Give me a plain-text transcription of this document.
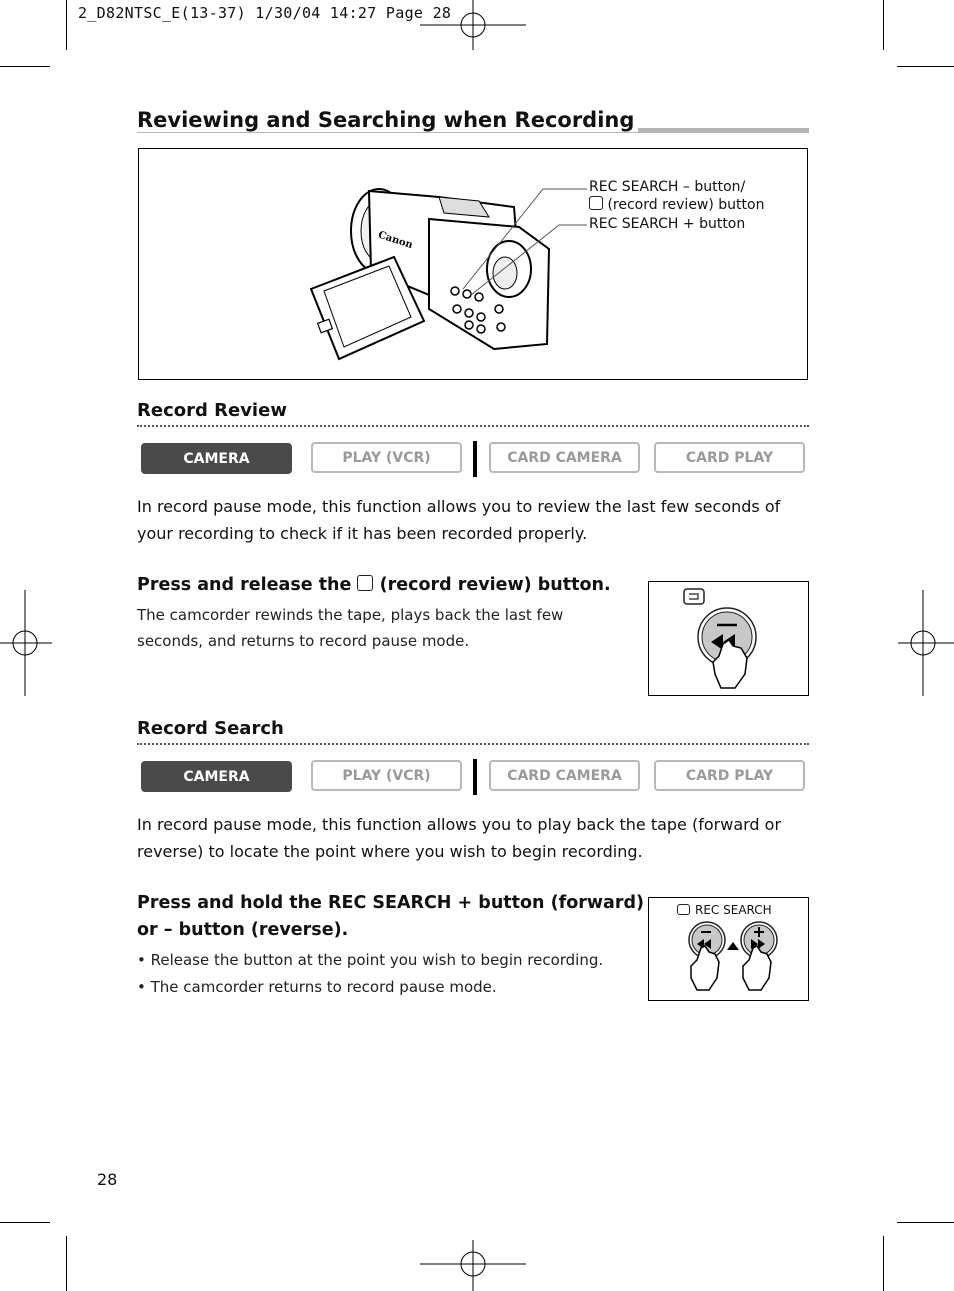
2_D82NTSC_E(13-37) 1/30/04 14:27 Page 28
Reviewing and Searching when Recording
Canon
REC SEARCH – button/
(record review) button
REC SEARCH + button
Record Review
CAMERA	PLAY (VCR)	CARD CAMERA	CARD PLAY
In record pause mode, this function allows you to review the last few seconds of your recording to check if it has been recorded properly.
Press and release the (record review) button.
The camcorder rewinds the tape, plays back the last few seconds, and returns to record pause mode.
Record Search
CAMERA	PLAY (VCR)	CARD CAMERA	CARD PLAY
In record pause mode, this function allows you to play back the tape (forward or reverse) to locate the point where you wish to begin recording.
Press and hold the REC SEARCH + button (forward) or – button (reverse).
• Release the button at the point you wish to begin recording.
• The camcorder returns to record pause mode.
REC SEARCH
28
